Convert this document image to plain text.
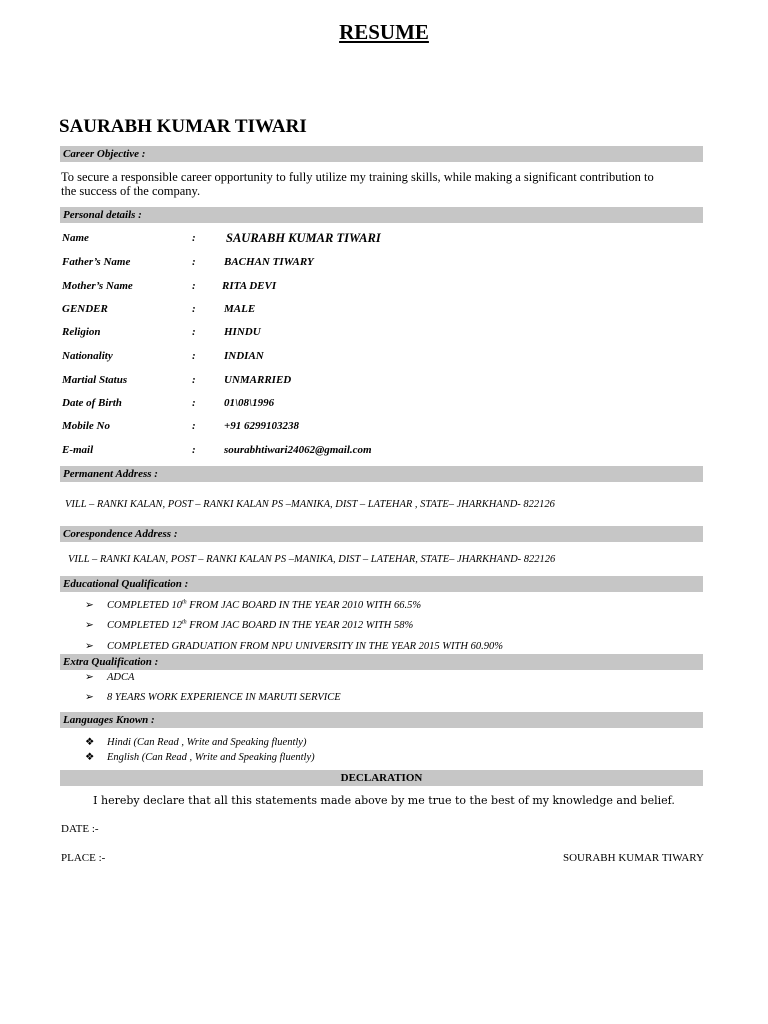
RESUME
SAURABH KUMAR TIWARI
Career Objective :
To secure a responsible career opportunity to fully utilize my training skills, while making a significant contribution to
the success of the company.
Personal details :
Name	: SAURABH KUMAR TIWARI
Father’s Name	:	BACHAN TIWARY
Mother’s Name	: RITA DEVI
GENDER	:	MALE
Religion	:	HINDU
Nationality	:	INDIAN
Martial Status	:	UNMARRIED
Date of Birth	:	01\08\1996
Mobile No	:	+91 6299103238
E-mail	:	sourabhtiwari24062@gmail.com
Permanent Address :
VILL – RANKI KALAN, POST – RANKI KALAN PS –MANIKA, DIST – LATEHAR , STATE– JHARKHAND- 822126
Corespondence Address :
VILL – RANKI KALAN, POST – RANKI KALAN PS –MANIKA, DIST – LATEHAR, STATE– JHARKHAND- 822126
Educational Qualification :
➢ COMPLETED 10th FROM JAC BOARD IN THE YEAR 2010 WITH 66.5%
➢ COMPLETED 12th FROM JAC BOARD IN THE YEAR 2012 WITH 58%
➢ COMPLETED GRADUATION FROM NPU UNIVERSITY IN THE YEAR 2015 WITH 60.90%
Extra Qualification :
➢ ADCA
➢ 8 YEARS WORK EXPERIENCE IN MARUTI SERVICE
Languages Known :
❖ Hindi (Can Read , Write and Speaking fluently)
❖ English (Can Read , Write and Speaking fluently)
DECLARATION
I hereby declare that all this statements made above by me true to the best of my knowledge and belief.
DATE :-
PLACE :-	SOURABH KUMAR TIWARY
